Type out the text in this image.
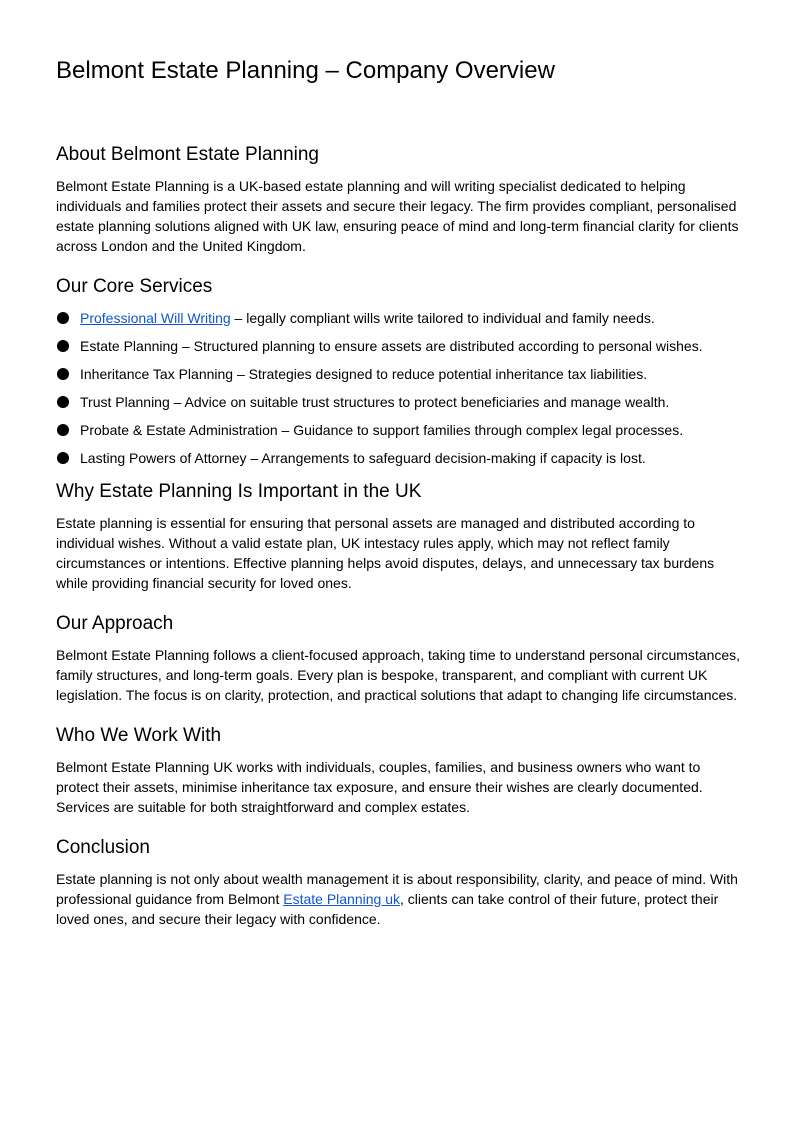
Belmont Estate Planning – Company Overview
About Belmont Estate Planning

Belmont Estate Planning is a UK-based estate planning and will writing specialist dedicated to helping individuals and families protect their assets and secure their legacy. The firm provides compliant, personalised estate planning solutions aligned with UK law, ensuring peace of mind and long-term financial clarity for clients across London and the United Kingdom.

Our Core Services
Professional Will Writing – legally compliant wills write tailored to individual and family needs.
Estate Planning – Structured planning to ensure assets are distributed according to personal wishes.
Inheritance Tax Planning – Strategies designed to reduce potential inheritance tax liabilities.
Trust Planning – Advice on suitable trust structures to protect beneficiaries and manage wealth.
Probate & Estate Administration – Guidance to support families through complex legal processes.
Lasting Powers of Attorney – Arrangements to safeguard decision-making if capacity is lost.
Why Estate Planning Is Important in the UK

Estate planning is essential for ensuring that personal assets are managed and distributed according to individual wishes. Without a valid estate plan, UK intestacy rules apply, which may not reflect family circumstances or intentions. Effective planning helps avoid disputes, delays, and unnecessary tax burdens while providing financial security for loved ones.

Our Approach

Belmont Estate Planning follows a client-focused approach, taking time to understand personal circumstances, family structures, and long-term goals. Every plan is bespoke, transparent, and compliant with current UK legislation. The focus is on clarity, protection, and practical solutions that adapt to changing life circumstances.

Who We Work With

Belmont Estate Planning UK works with individuals, couples, families, and business owners who want to protect their assets, minimise inheritance tax exposure, and ensure their wishes are clearly documented. Services are suitable for both straightforward and complex estates.

Conclusion

Estate planning is not only about wealth management it is about responsibility, clarity, and peace of mind. With professional guidance from Belmont Estate Planning uk, clients can take control of their future, protect their loved ones, and secure their legacy with confidence.
